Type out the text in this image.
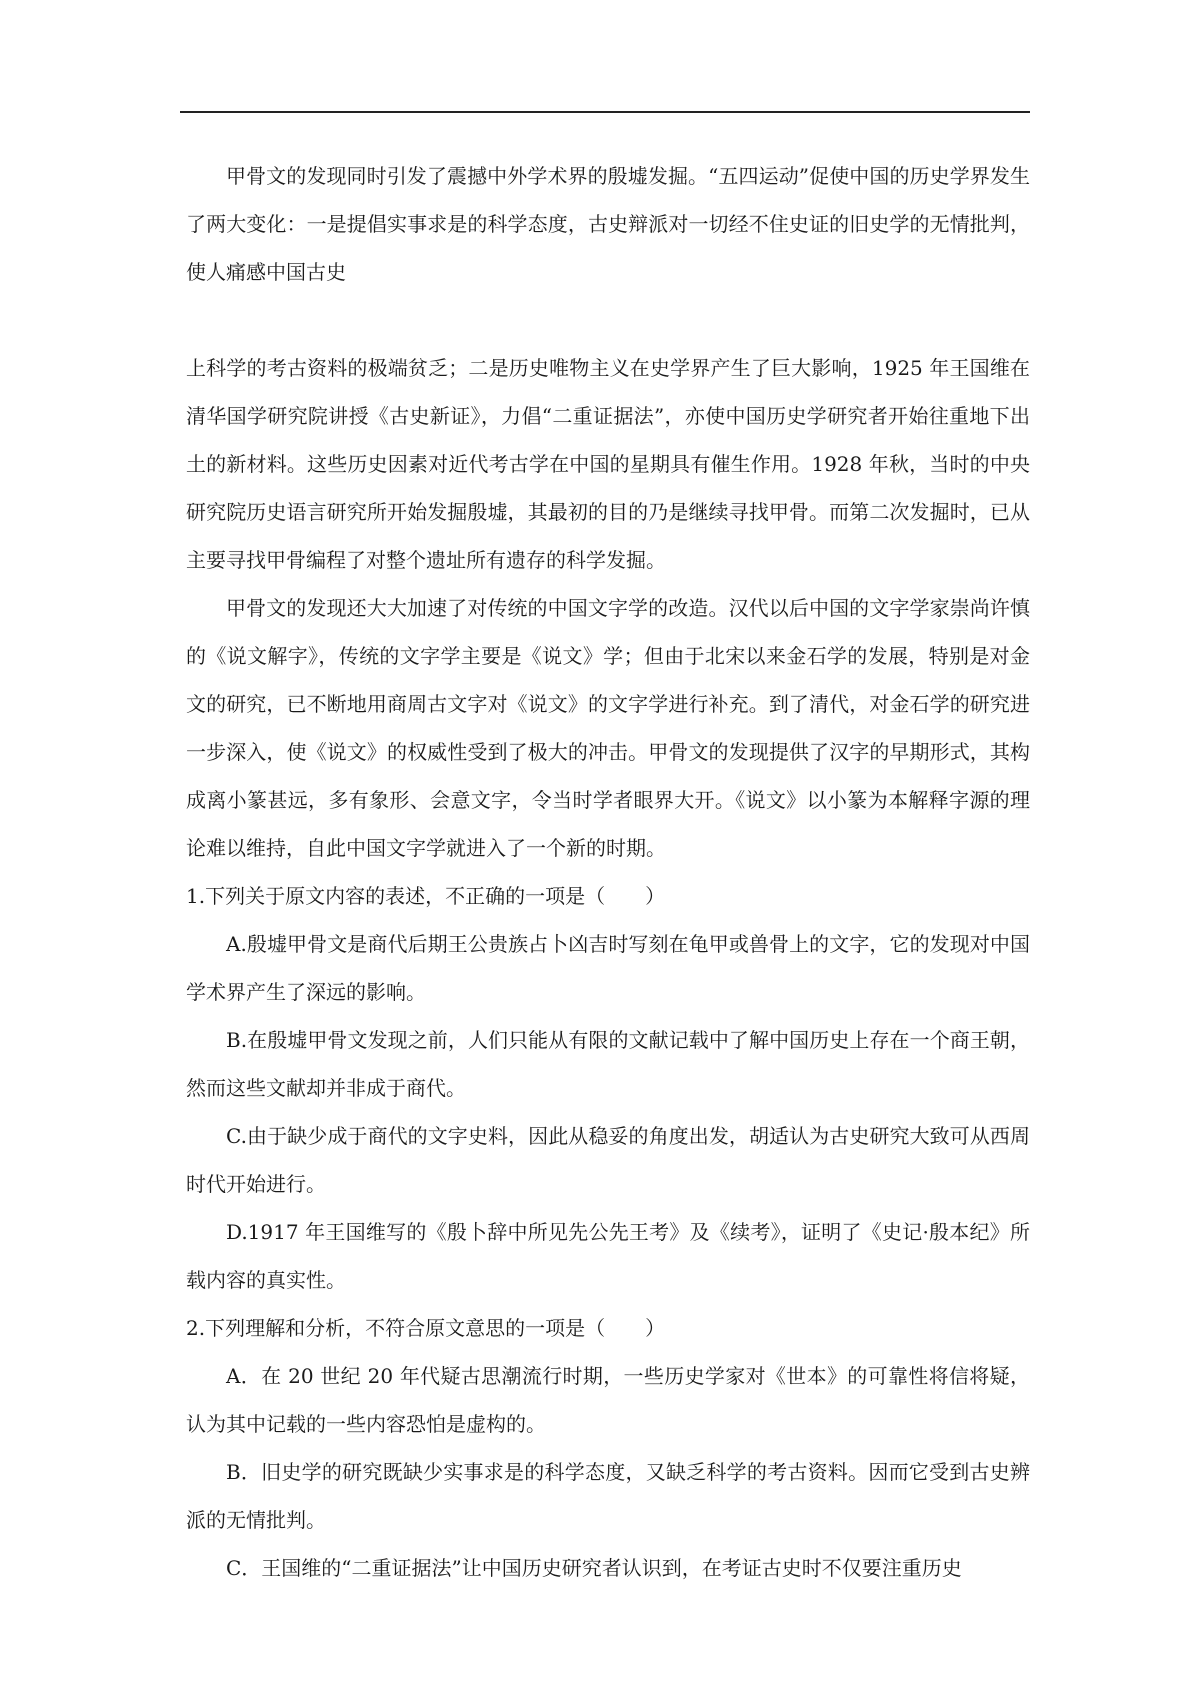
甲骨文的发现同时引发了震撼中外学术界的殷墟发掘。“五四运动”促使中国的历史学界发生了两大变化：一是提倡实事求是的科学态度，古史辩派对一切经不住史证的旧史学的无情批判，使人痛感中国古史

上科学的考古资料的极端贫乏；二是历史唯物主义在史学界产生了巨大影响，1925 年王国维在清华国学研究院讲授《古史新证》，力倡“二重证据法”，亦使中国历史学研究者开始往重地下出土的新材料。这些历史因素对近代考古学在中国的星期具有催生作用。1928 年秋，当时的中央研究院历史语言研究所开始发掘殷墟，其最初的目的乃是继续寻找甲骨。而第二次发掘时，已从主要寻找甲骨编程了对整个遗址所有遗存的科学发掘。

甲骨文的发现还大大加速了对传统的中国文字学的改造。汉代以后中国的文字学家崇尚许慎的《说文解字》，传统的文字学主要是《说文》学；但由于北宋以来金石学的发展，特别是对金文的研究，已不断地用商周古文字对《说文》的文字学进行补充。到了清代，对金石学的研究进一步深入，使《说文》的权威性受到了极大的冲击。甲骨文的发现提供了汉字的早期形式，其构成离小篆甚远，多有象形、会意文字，令当时学者眼界大开。《说文》以小篆为本解释字源的理论难以维持，自此中国文字学就进入了一个新的时期。

1.下列关于原文内容的表述，不正确的一项是（　　）

A.殷墟甲骨文是商代后期王公贵族占卜凶吉时写刻在龟甲或兽骨上的文字，它的发现对中国学术界产生了深远的影响。

B.在殷墟甲骨文发现之前，人们只能从有限的文献记载中了解中国历史上存在一个商王朝，然而这些文献却并非成于商代。

C.由于缺少成于商代的文字史料，因此从稳妥的角度出发，胡适认为古史研究大致可从西周时代开始进行。

D.1917 年王国维写的《殷卜辞中所见先公先王考》及《续考》，证明了《史记·殷本纪》所载内容的真实性。

2.下列理解和分析，不符合原文意思的一项是（　　）

A．在 20 世纪 20 年代疑古思潮流行时期，一些历史学家对《世本》的可靠性将信将疑，认为其中记载的一些内容恐怕是虚构的。

B．旧史学的研究既缺少实事求是的科学态度，又缺乏科学的考古资料。因而它受到古史辨派的无情批判。

C．王国维的“二重证据法”让中国历史研究者认识到，在考证古史时不仅要注重历史
